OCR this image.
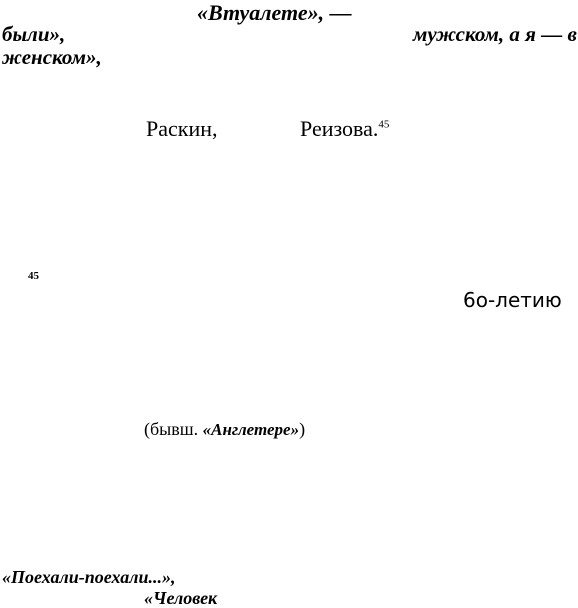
«Втуалете», —
были»,	мужском, а я — в
женском»,
Раскин,	Реизова.$^{45}$
45
6о-летию
(бывш. «Англетере»)
«Поехали-поехали...»,
«Человек
